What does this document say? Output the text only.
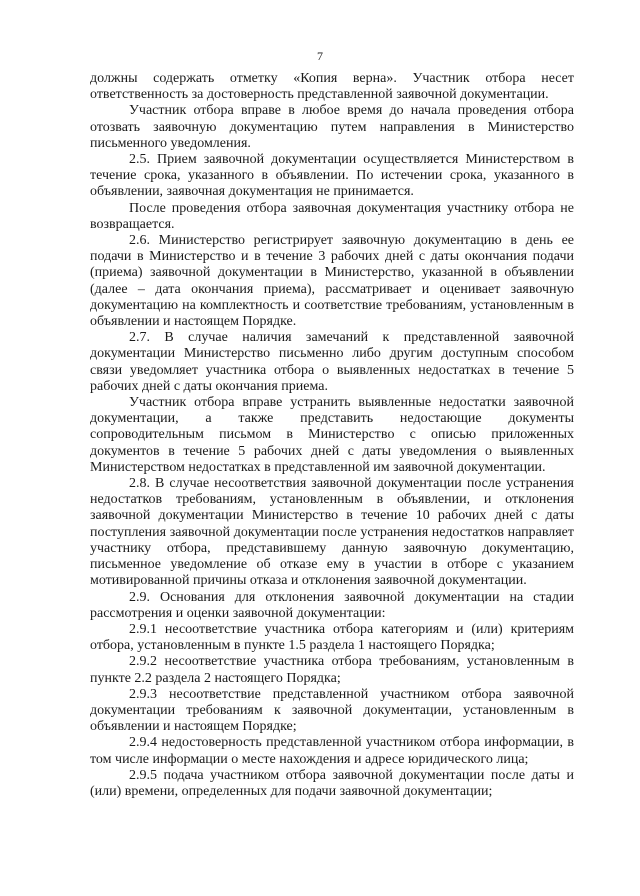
7

должны содержать отметку «Копия верна». Участник отбора несет ответственность за достоверность представленной заявочной документации.

Участник отбора вправе в любое время до начала проведения отбора отозвать заявочную документацию путем направления в Министерство письменного уведомления.

2.5. Прием заявочной документации осуществляется Министерством в течение срока, указанного в объявлении. По истечении срока, указанного в объявлении, заявочная документация не принимается.

После проведения отбора заявочная документация участнику отбора не возвращается.

2.6. Министерство регистрирует заявочную документацию в день ее подачи в Министерство и в течение 3 рабочих дней с даты окончания подачи (приема) заявочной документации в Министерство, указанной в объявлении (далее – дата окончания приема), рассматривает и оценивает заявочную документацию на комплектность и соответствие требованиям, установленным в объявлении и настоящем Порядке.

2.7. В случае наличия замечаний к представленной заявочной документации Министерство письменно либо другим доступным способом связи уведомляет участника отбора о выявленных недостатках в течение 5 рабочих дней с даты окончания приема.

Участник отбора вправе устранить выявленные недостатки заявочной документации, а также представить недостающие документы сопроводительным письмом в Министерство с описью приложенных документов в течение 5 рабочих дней с даты уведомления о выявленных Министерством недостатках в представленной им заявочной документации.

2.8. В случае несоответствия заявочной документации после устранения недостатков требованиям, установленным в объявлении, и отклонения заявочной документации Министерство в течение 10 рабочих дней с даты поступления заявочной документации после устранения недостатков направляет участнику отбора, представившему данную заявочную документацию, письменное уведомление об отказе ему в участии в отборе с указанием мотивированной причины отказа и отклонения заявочной документации.

2.9. Основания для отклонения заявочной документации на стадии рассмотрения и оценки заявочной документации:

2.9.1 несоответствие участника отбора категориям и (или) критериям отбора, установленным в пункте 1.5 раздела 1 настоящего Порядка;

2.9.2 несоответствие участника отбора требованиям, установленным в пункте 2.2 раздела 2 настоящего Порядка;

2.9.3 несоответствие представленной участником отбора заявочной документации требованиям к заявочной документации, установленным в объявлении и настоящем Порядке;

2.9.4 недостоверность представленной участником отбора информации, в том числе информации о месте нахождения и адресе юридического лица;

2.9.5 подача участником отбора заявочной документации после даты и (или) времени, определенных для подачи заявочной документации;
